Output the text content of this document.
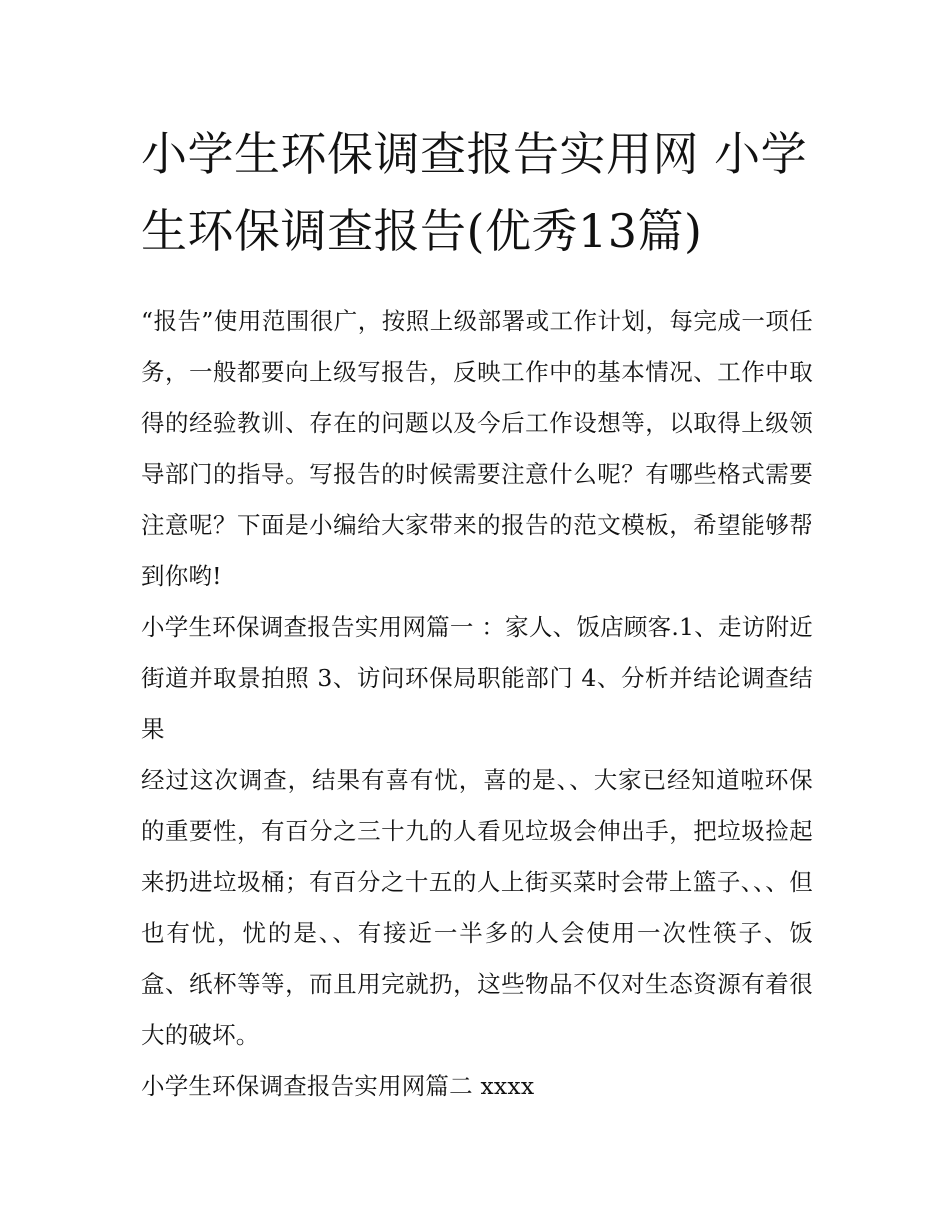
小学生环保调查报告实用网 小学生环保调查报告(优秀13篇)

“报告”使用范围很广，按照上级部署或工作计划，每完成一项任务，一般都要向上级写报告，反映工作中的基本情况、工作中取得的经验教训、存在的问题以及今后工作设想等，以取得上级领导部门的指导。写报告的时候需要注意什么呢？有哪些格式需要注意呢？下面是小编给大家带来的报告的范文模板，希望能够帮到你哟!

小学生环保调查报告实用网篇一 ：家人、饭店顾客.1、走访附近街道并取景拍照 3、访问环保局职能部门 4、分析并结论调查结果

经过这次调查，结果有喜有忧，喜的是、、大家已经知道啦环保的重要性，有百分之三十九的人看见垃圾会伸出手，把垃圾捡起来扔进垃圾桶；有百分之十五的人上街买菜时会带上篮子、、、但也有忧，忧的是、、有接近一半多的人会使用一次性筷子、饭盒、纸杯等等，而且用完就扔，这些物品不仅对生态资源有着很大的破坏。

小学生环保调查报告实用网篇二 xxxx
